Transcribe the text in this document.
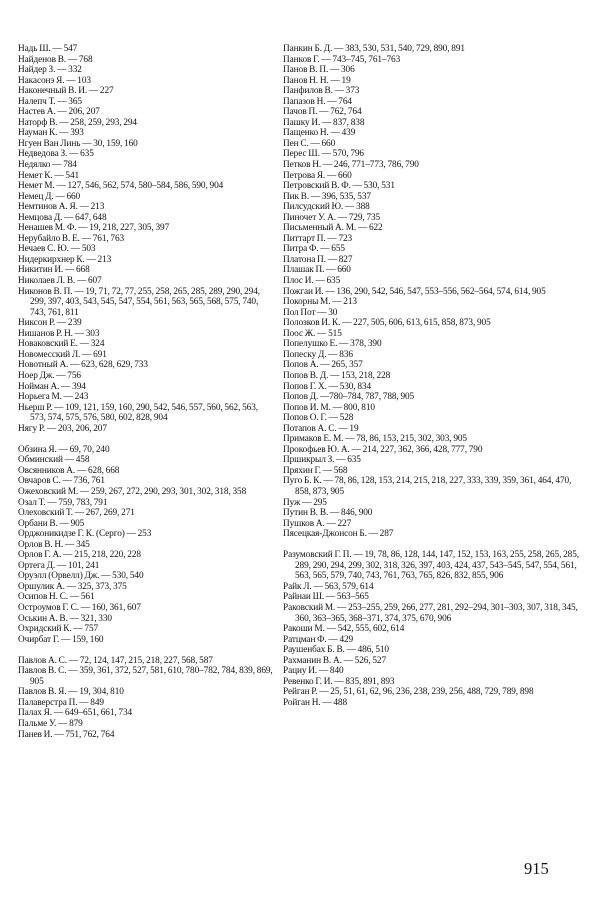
Надь Ш. — 547

Найденов В. — 768

Найдер З. — 332

Накасонэ Я. — 103

Наконечный В. И. — 227

Налепч Т. — 365

Настев А. — 206, 207

Наторф В. — 258, 259, 293, 294

Науман К. — 393

Нгуен Ван Линь — 30, 159, 160

Недведова З. — 635

Недялко — 784

Немет К. — 541

Немет М. — 127, 546, 562, 574, 580–584, 586, 590, 904

Немец Д. — 660

Немтинов А. Я. — 213

Немцова Д. — 647, 648

Ненашев М. Ф. — 19, 218, 227, 305, 397

Нерубайло В. Е. — 761, 763

Нечаев С. Ю. — 503

Нидеркирхнер К. — 213

Никитин И. — 668

Николаев Л. В. — 607

Никонов В. П. — 19, 71, 72, 77, 255, 258, 265, 285, 289, 290, 294, 299, 397, 403, 543, 545, 547, 554, 561, 563, 565, 568, 575, 740, 743, 761, 811

Никсон Р. — 239

Нишанов Р. Н. — 303

Новаковский Е. — 324

Новомесский Л. — 691

Новотный А. — 623, 628, 629, 733

Ноер Дж. — 756

Нойман А. — 394

Норьега М. — 243

Ньерш Р. — 109, 121, 159, 160, 290, 542, 546, 557, 560, 562, 563, 573, 574, 575, 576, 580, 602, 828, 904

Нягу Р. — 203, 206, 207

Обзина Я. — 69, 70, 240

Обминский — 458

Овсянников А. — 628, 668

Овчаров С. — 736, 761

Ожеховский М. — 259, 267, 272, 290, 293, 301, 302, 318, 358

Озал Т. — 759, 783, 791

Олеховский Т. — 267, 269, 271

Орбани В. — 905

Орджоникидзе Г. К. (Серго) — 253

Орлов В. Н. — 345

Орлов Г. А. — 215, 218, 220, 228

Ортега Д. — 101, 241

Оруэлл (Орвелл) Дж. — 530, 540

Оршулик А. — 325, 373, 375

Осипов Н. С. — 561

Остроумов Г. С. — 160, 361, 607

Оськин А. В. — 321, 330

Охридский К. — 757

Очирбат Г. — 159, 160

Павлов А. С. — 72, 124, 147, 215, 218, 227, 568, 587

Павлов В. С. — 359, 361, 372, 527, 581, 610, 780–782, 784, 839, 869, 905

Павлов В. Я. — 19, 304, 810

Палаверстра П. — 849

Палах Я. — 649–651, 661, 734

Пальме У. — 879

Панев И. — 751, 762, 764

Панкин Б. Д. — 383, 530, 531, 540, 729, 890, 891

Панков Г. — 743–745, 761–763

Панов В. П. — 306

Панов Н. Н. — 19

Панфилов В. — 373

Папазов Н. — 764

Пачов П. — 762, 764

Пашку И. — 837, 838

Пащенко Н. — 439

Пен С. — 660

Перес Ш. — 570, 796

Петков Н. — 246, 771–773, 786, 790

Петрова Я. — 660

Петровский В. Ф. — 530, 531

Пик В. — 396, 535, 537

Пилсудский Ю. — 388

Пиночет У. А. — 729, 735

Письменный А. М. — 622

Питтарт П. — 723

Питра Ф. — 655

Платона П. — 827

Плашак П. — 660

Плос И. — 635

Пожгаи И. — 136, 290, 542, 546, 547, 553–556, 562–564, 574, 614, 905

Покорны М. — 213

Пол Пот — 30

Полозков И. К. — 227, 505, 606, 613, 615, 858, 873, 905

Поос Ж. — 515

Попелушко Е. — 378, 390

Попеску Д. — 836

Попов А. — 265, 357

Попов В. Д. — 153, 218, 228

Попов Г. Х. — 530, 834

Попов Д. —780–784, 787, 788, 905

Попов И. М. — 800, 810

Попов О. Г. — 528

Потапов А. С. — 19

Примаков Е. М. — 78, 86, 153, 215, 302, 303, 905

Прокофьев Ю. А. — 214, 227, 362, 366, 428, 777, 790

Пршикрыл З. — 635

Пряхин Г. — 568

Пуго Б. К. — 78, 86, 128, 153, 214, 215, 218, 227, 333, 339, 359, 361, 464, 470, 858, 873, 905

Пуж — 295

Путин В. В. — 846, 900

Пушков А. — 227

Пясецкая-Джонсон Б. — 287

Разумовский Г. П. — 19, 78, 86, 128, 144, 147, 152, 153, 163, 255, 258, 265, 285, 289, 290, 294, 299, 302, 318, 326, 397, 403, 424, 437, 543–545, 547, 554, 561, 563, 565, 579, 740, 743, 761, 763, 765, 826, 832, 855, 906

Райк Л. — 563, 579, 614

Райнаи Ш. — 563–565

Раковский М. — 253–255, 259, 266, 277, 281, 292–294, 301–303, 307, 318, 345, 360, 363–365, 368–371, 374, 375, 670, 906

Ракоши М. — 542, 555, 602, 614

Ратцман Ф. — 429

Раушенбах Б. В. — 486, 510

Рахманин В. А. — 526, 527

Рациу И. — 840

Ревенко Г. И. — 835, 891, 893

Рейган Р. — 25, 51, 61, 62, 96, 236, 238, 239, 256, 488, 729, 789, 898

Ройган Н. — 488

915
